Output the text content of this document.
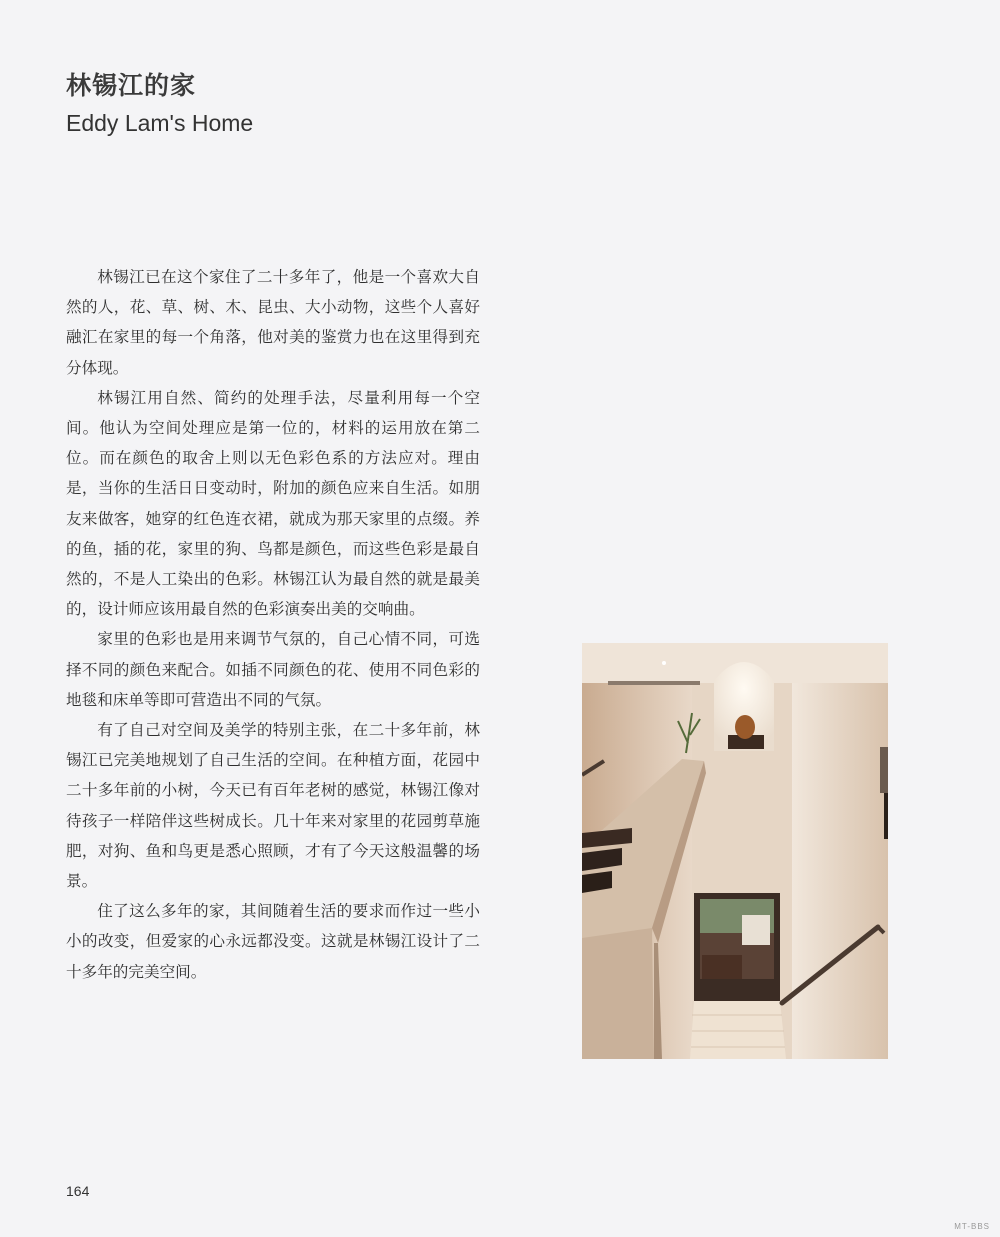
林锡江的家
Eddy Lam's Home

林锡江已在这个家住了二十多年了，他是一个喜欢大自然的人，花、草、树、木、昆虫、大小动物，这些个人喜好融汇在家里的每一个角落，他对美的鉴赏力也在这里得到充分体现。

林锡江用自然、简约的处理手法，尽量利用每一个空间。他认为空间处理应是第一位的，材料的运用放在第二位。而在颜色的取舍上则以无色彩色系的方法应对。理由是，当你的生活日日变动时，附加的颜色应来自生活。如朋友来做客，她穿的红色连衣裙，就成为那天家里的点缀。养的鱼，插的花，家里的狗、鸟都是颜色，而这些色彩是最自然的，不是人工染出的色彩。林锡江认为最自然的就是最美的，设计师应该用最自然的色彩演奏出美的交响曲。

家里的色彩也是用来调节气氛的，自己心情不同，可选择不同的颜色来配合。如插不同颜色的花、使用不同色彩的地毯和床单等即可营造出不同的气氛。

有了自己对空间及美学的特别主张，在二十多年前，林锡江已完美地规划了自己生活的空间。在种植方面，花园中二十多年前的小树，今天已有百年老树的感觉，林锡江像对待孩子一样陪伴这些树成长。几十年来对家里的花园剪草施肥，对狗、鱼和鸟更是悉心照顾，才有了今天这般温馨的场景。

住了这么多年的家，其间随着生活的要求而作过一些小小的改变，但爱家的心永远都没变。这就是林锡江设计了二十多年的完美空间。

164
MT-BBS
